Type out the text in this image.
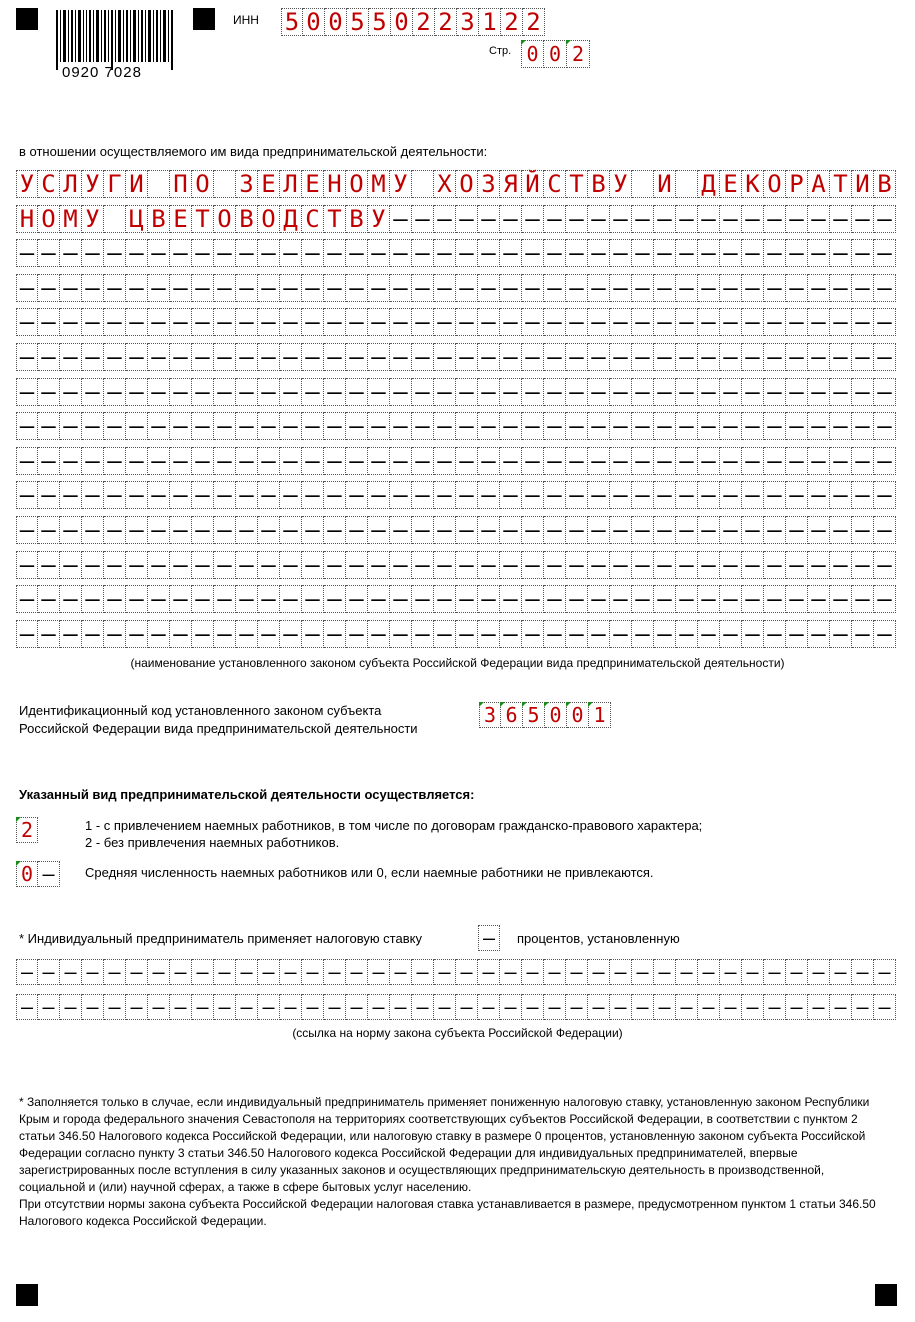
0920 7028
ИНН 5 0 0 5 5 0 2 2 3 1 2 2
Стр. 0 0 2
в отношении осуществляемого им вида предпринимательской деятельности:
У С Л У Г И П О З Е Л Е Н О М У Х О З Я Й С Т В У И Д Е К О Р А Т И В
Н О М У Ц В Е Т О В О Д С Т В У – – – – – – – – – – – – – – – – – – – – – – –
– – – – – – – – – – – – – – – – – – – – – – – – – – – – – – – – – – – – – – – –
– – – – – – – – – – – – – – – – – – – – – – – – – – – – – – – – – – – – – – – –
– – – – – – – – – – – – – – – – – – – – – – – – – – – – – – – – – – – – – – – –
– – – – – – – – – – – – – – – – – – – – – – – – – – – – – – – – – – – – – – – –
– – – – – – – – – – – – – – – – – – – – – – – – – – – – – – – – – – – – – – – –
– – – – – – – – – – – – – – – – – – – – – – – – – – – – – – – – – – – – – – – –
– – – – – – – – – – – – – – – – – – – – – – – – – – – – – – – – – – – – – – – –
– – – – – – – – – – – – – – – – – – – – – – – – – – – – – – – – – – – – – – – –
– – – – – – – – – – – – – – – – – – – – – – – – – – – – – – – – – – – – – – – –
– – – – – – – – – – – – – – – – – – – – – – – – – – – – – – – – – – – – – – – –
– – – – – – – – – – – – – – – – – – – – – – – – – – – – – – – – – – – – – – – –
– – – – – – – – – – – – – – – – – – – – – – – – – – – – – – – – – – – – – – – –
(наименование установленного законом субъекта Российской Федерации вида предпринимательской деятельности)
Идентификационный код установленного законом субъекта
Российской Федерации вида предпринимательской деятельности
3 6 5 0 0 1
Указанный вид предпринимательской деятельности осуществляется:
2	1 - с привлечением наемных работников, в том числе по договорам гражданско-правового характера;
2 - без привлечения наемных работников.
0 –	Средняя численность наемных работников или 0, если наемные работники не привлекаются.
* Индивидуальный предприниматель применяет налоговую ставку	–	процентов, установленную
– – – – – – – – – – – – – – – – – – – – – – – – – – – – – – – – – – – – – – – –
– – – – – – – – – – – – – – – – – – – – – – – – – – – – – – – – – – – – – – – –
(ссылка на норму закона субъекта Российской Федерации)

* Заполняется только в случае, если индивидуальный предприниматель применяет пониженную налоговую ставку, установленную законом Республики Крым и города федерального значения Севастополя на территориях соответствующих субъектов Российской Федерации, в соответствии с пунктом 2 статьи 346.50 Налогового кодекса Российской Федерации, или налоговую ставку в размере 0 процентов, установленную законом субъекта Российской Федерации согласно пункту 3 статьи 346.50 Налогового кодекса Российской Федерации для индивидуальных предпринимателей, впервые зарегистрированных после вступления в силу указанных законов и осуществляющих предпринимательскую деятельность в производственной, социальной и (или) научной сферах, а также в сфере бытовых услуг населению.

При отсутствии нормы закона субъекта Российской Федерации налоговая ставка устанавливается в размере, предусмотренном пунктом 1 статьи 346.50 Налогового кодекса Российской Федерации.
